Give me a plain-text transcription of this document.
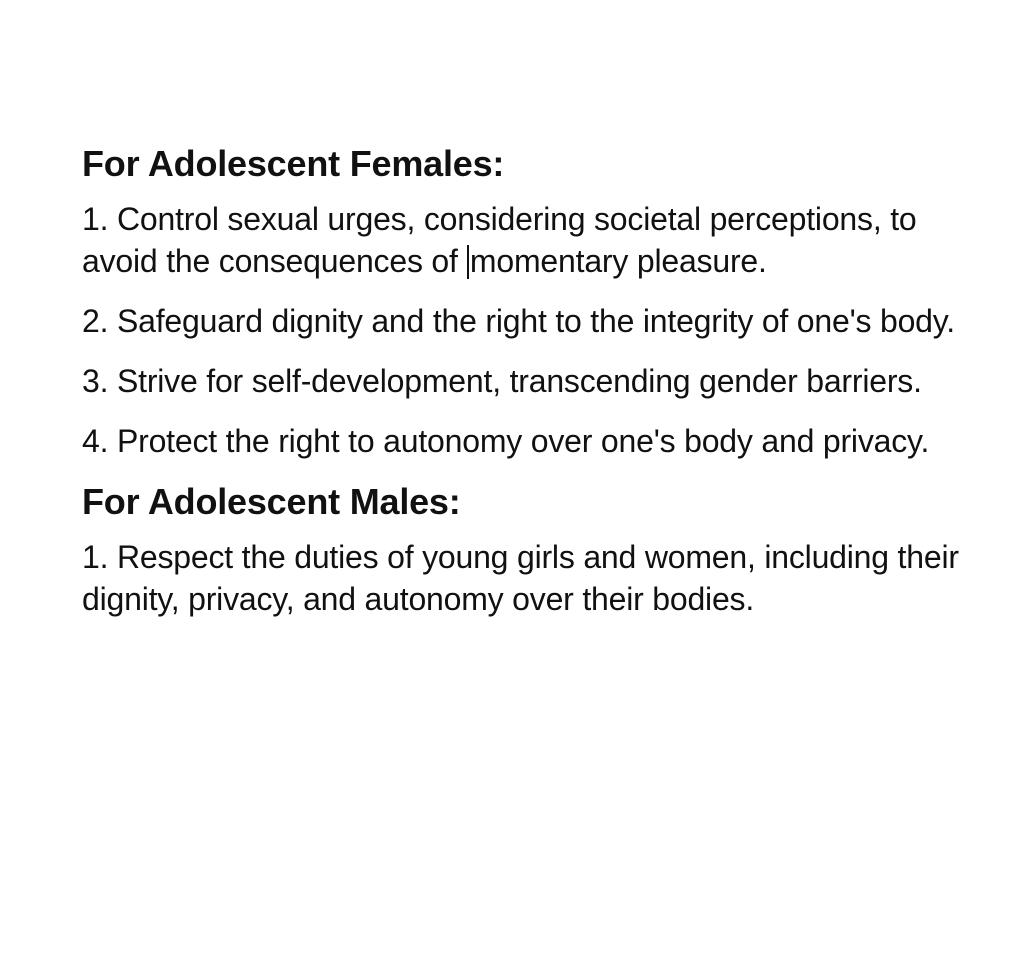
For Adolescent Females:

1. Control sexual urges, considering societal perceptions, to avoid the consequences of momentary pleasure.

2. Safeguard dignity and the right to the integrity of one's body.

3. Strive for self-development, transcending gender barriers.

4. Protect the right to autonomy over one's body and privacy.

For Adolescent Males:

1. Respect the duties of young girls and women, including their dignity, privacy, and autonomy over their bodies.
